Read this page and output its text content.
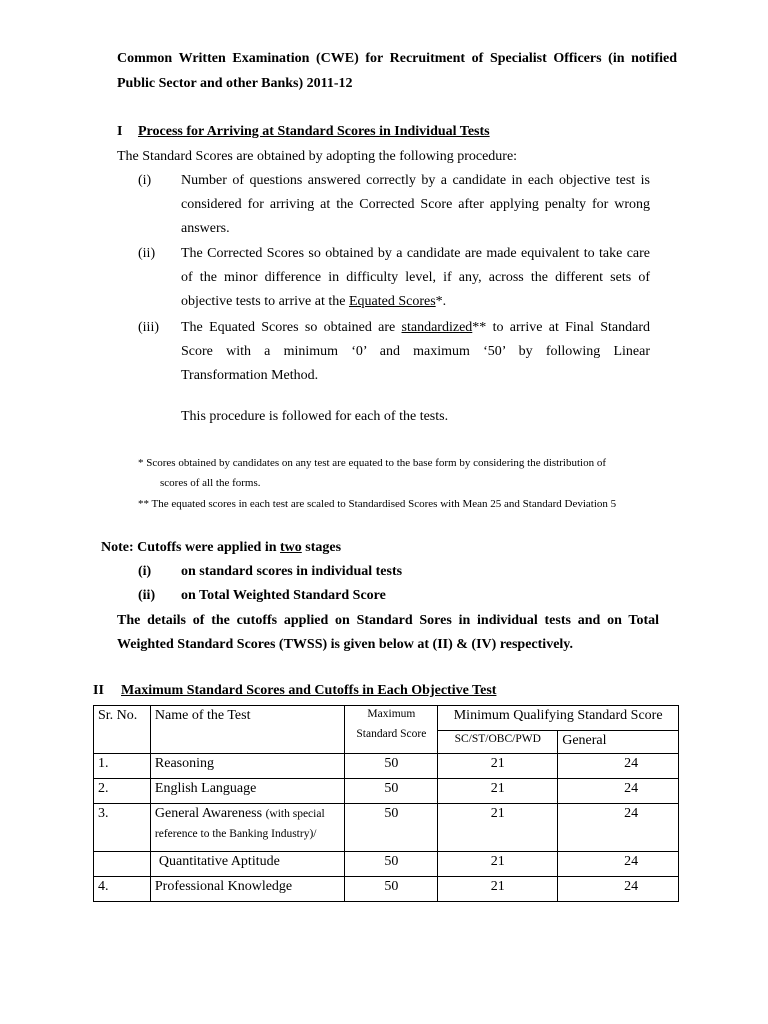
Common Written Examination (CWE) for Recruitment of Specialist Officers (in notified
Public Sector and other Banks) 2011-12
I Process for Arriving at Standard Scores in Individual Tests
The Standard Scores are obtained by adopting the following procedure:
(i) Number of questions answered correctly by a candidate in each objective test is
considered for arriving at the Corrected Score after applying penalty for wrong
answers.
(ii) The Corrected Scores so obtained by a candidate are made equivalent to take care
of the minor difference in difficulty level, if any, across the different sets of
objective tests to arrive at the Equated Scores*.
(iii) The Equated Scores so obtained are standardized** to arrive at Final Standard
Score with a minimum ‘0’ and maximum ‘50’ by following Linear
Transformation Method.
This procedure is followed for each of the tests.
* Scores obtained by candidates on any test are equated to the base form by considering the distribution of
scores of all the forms.
** The equated scores in each test are scaled to Standardised Scores with Mean 25 and Standard Deviation 5
Note: Cutoffs were applied in two stages
(i) on standard scores in individual tests
(ii) on Total Weighted Standard Score
The details of the cutoffs applied on Standard Sores in individual tests and on Total
Weighted Standard Scores (TWSS) is given below at (II) & (IV) respectively.
II Maximum Standard Scores and Cutoffs in Each Objective Test
Sr. No.	Name of the Test	Maximum
Standard Score	Minimum Qualifying Standard Score	

			SC/ST/OBC/PWD	General

1.	Reasoning	50	21	24

2.	English Language	50	21	24

3.	General Awareness (with special
reference to the Banking Industry)/	50	21	24

	Quantitative Aptitude	50	21	24

4.	Professional Knowledge	50	21	24
